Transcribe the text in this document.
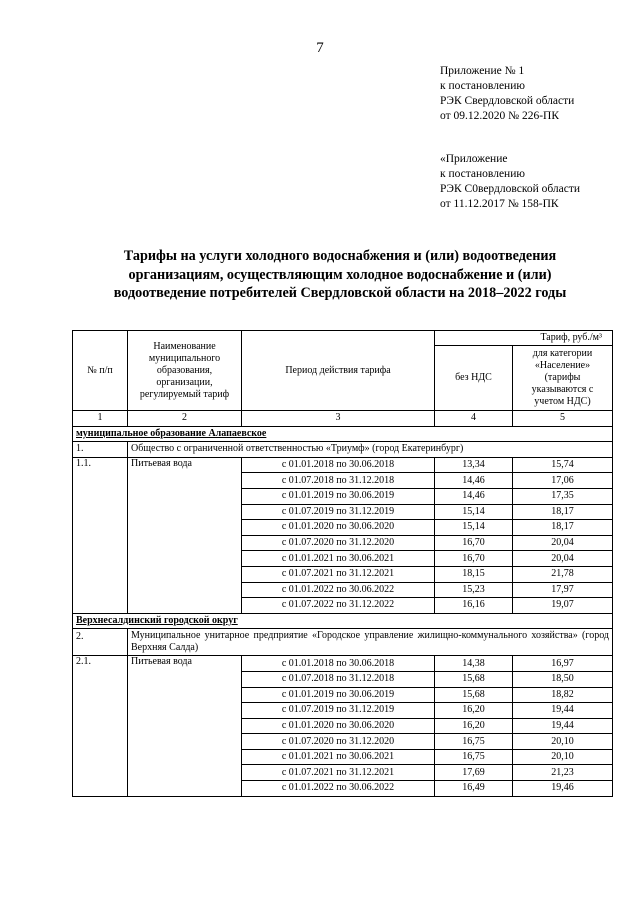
7
Приложение № 1
к постановлению
РЭК Свердловской области
от 09.12.2020 № 226-ПК
«Приложение
к постановлению
РЭК С0вердловской области
от 11.12.2017 № 158-ПК
Тарифы на услуги холодного водоснабжения и (или) водоотведения
организациям, осуществляющим холодное водоснабжение и (или)
водоотведение потребителей Свердловской области на 2018–2022 годы
№ п/п	Наименование муниципального образования, организации, регулируемый тариф	Период действия тарифа	Тариф, руб./м³	
			без НДС	для категории «Население» (тарифы указываются с учетом НДС)
1	2	3	4	5
муниципальное образование Алапаевское				
1.	Общество с ограниченной ответственностью «Триумф» (город Екатеринбург)			
1.1.	Питьевая вода	с 01.01.2018 по 30.06.2018	13,34	15,74
		с 01.07.2018 по 31.12.2018	14,46	17,06
		с 01.01.2019 по 30.06.2019	14,46	17,35
		с 01.07.2019 по 31.12.2019	15,14	18,17
		с 01.01.2020 по 30.06.2020	15,14	18,17
		с 01.07.2020 по 31.12.2020	16,70	20,04
		с 01.01.2021 по 30.06.2021	16,70	20,04
		с 01.07.2021 по 31.12.2021	18,15	21,78
		с 01.01.2022 по 30.06.2022	15,23	17,97
		с 01.07.2022 по 31.12.2022	16,16	19,07
Верхнесалдинский городской округ				
2.	Муниципальное унитарное предприятие «Городское управление жилищно-коммунального хозяйства» (город Верхняя Салда)			
2.1.	Питьевая вода	с 01.01.2018 по 30.06.2018	14,38	16,97
		с 01.07.2018 по 31.12.2018	15,68	18,50
		с 01.01.2019 по 30.06.2019	15,68	18,82
		с 01.07.2019 по 31.12.2019	16,20	19,44
		с 01.01.2020 по 30.06.2020	16,20	19,44
		с 01.07.2020 по 31.12.2020	16,75	20,10
		с 01.01.2021 по 30.06.2021	16,75	20,10
		с 01.07.2021 по 31.12.2021	17,69	21,23
		с 01.01.2022 по 30.06.2022	16,49	19,46
